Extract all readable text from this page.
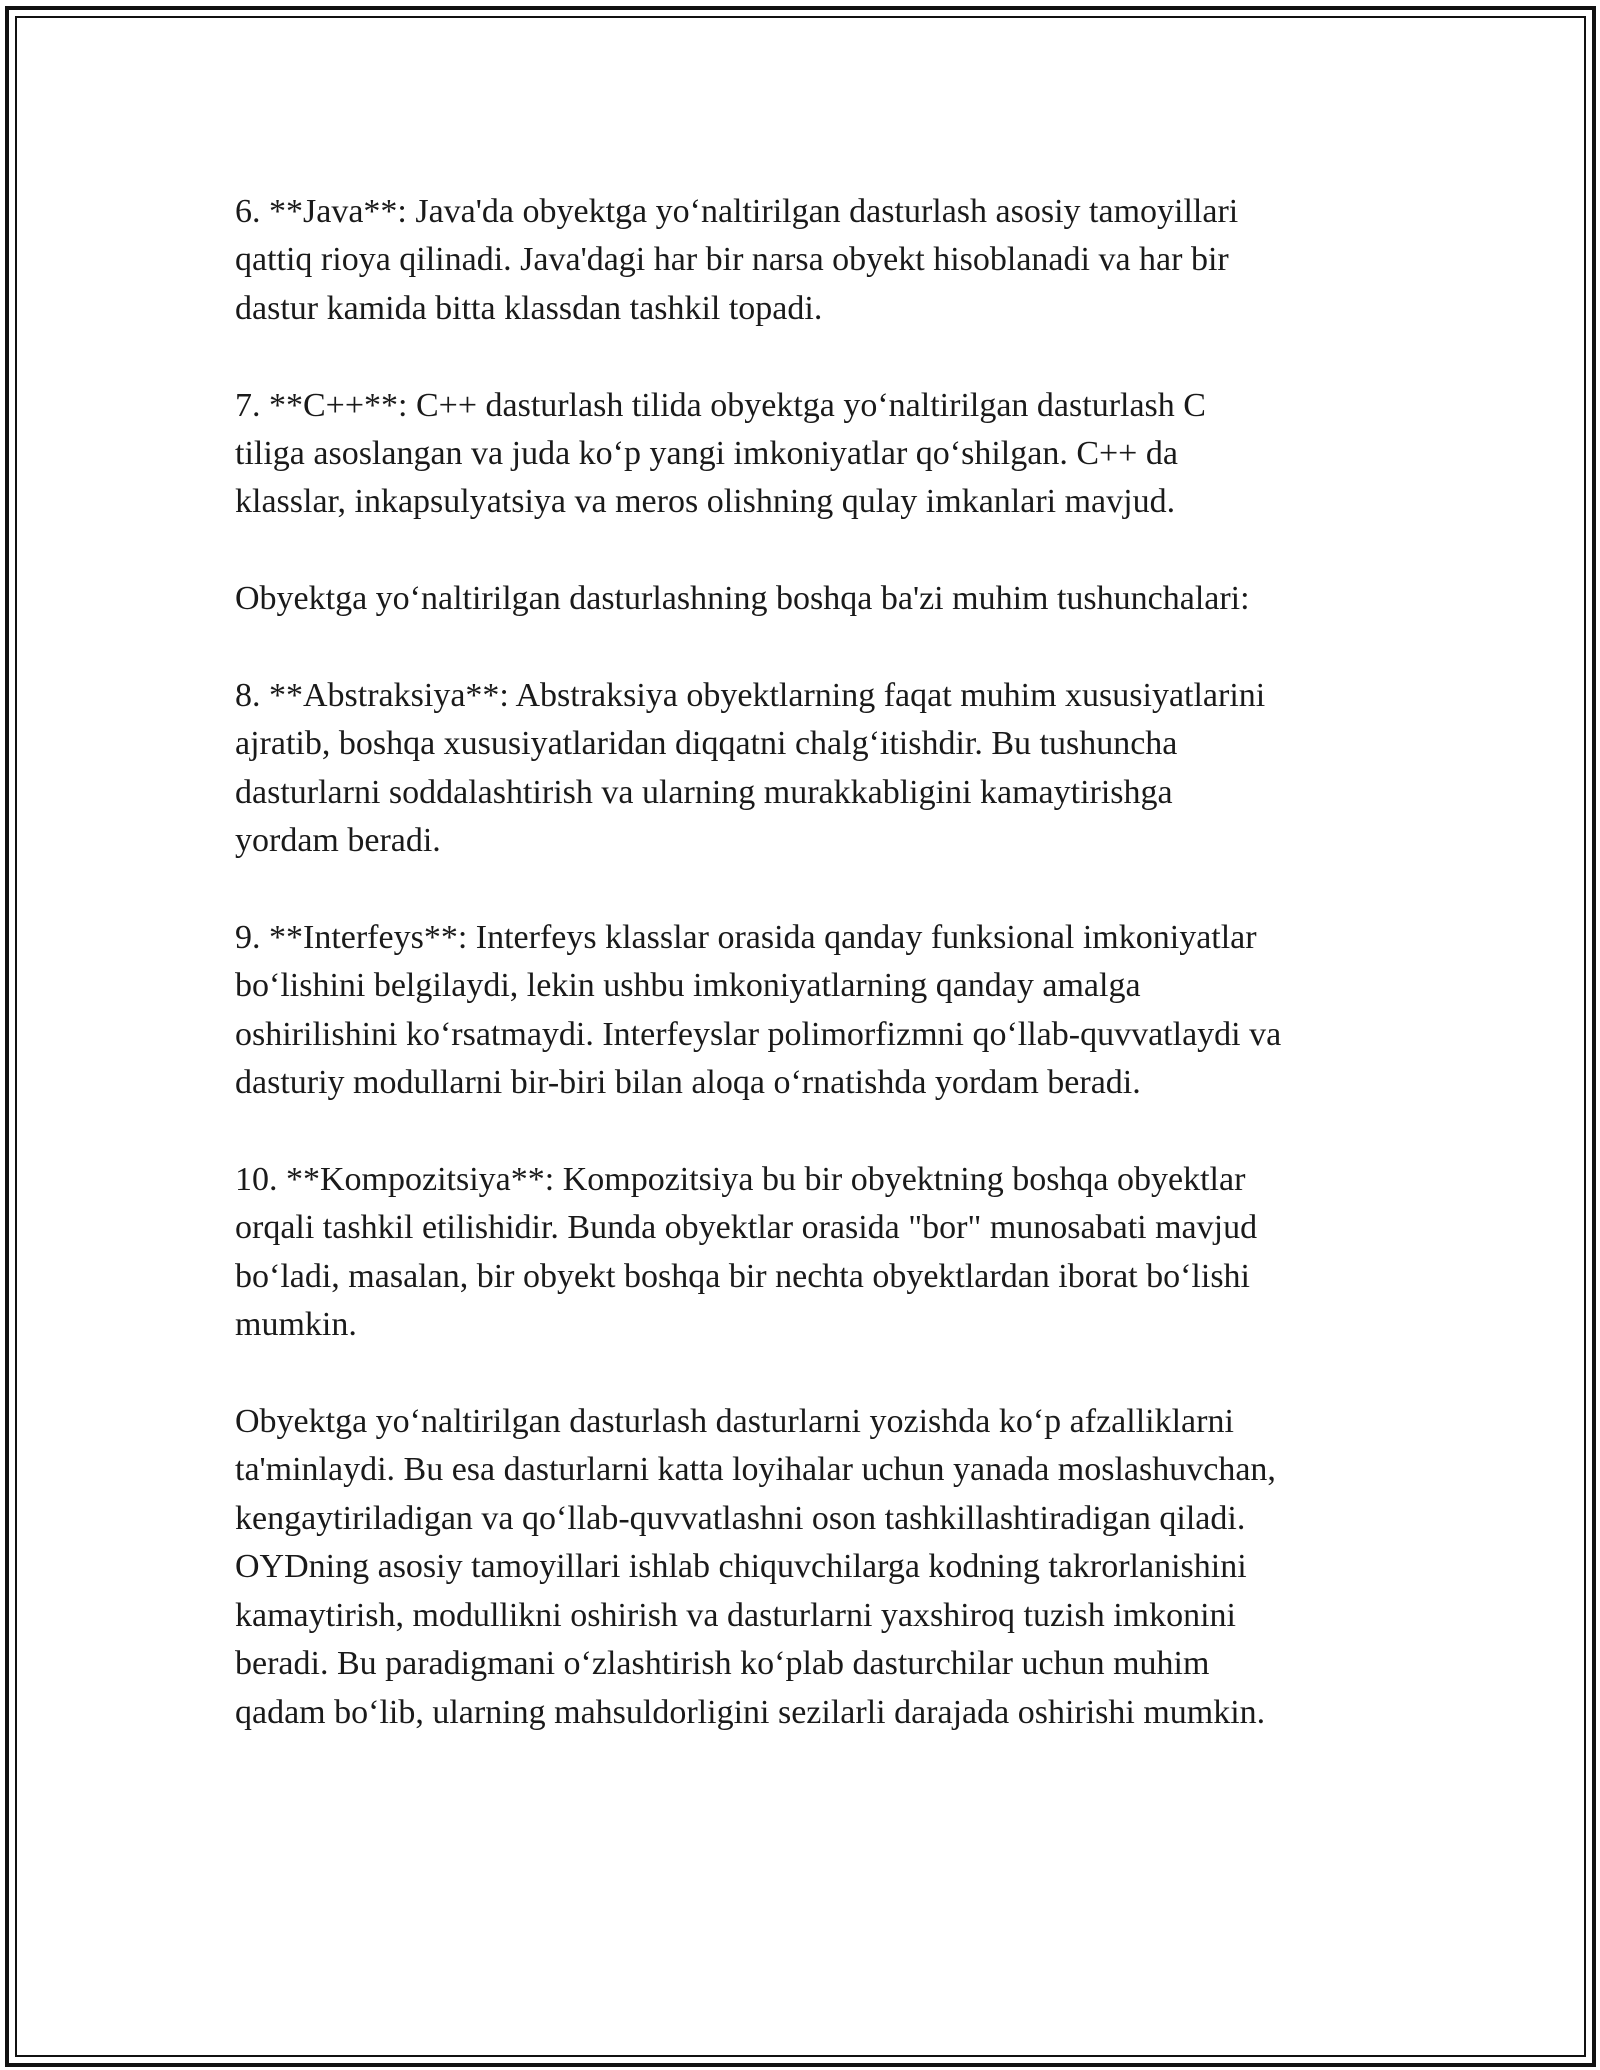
6. **Java**: Java'da obyektga yo‘naltirilgan dasturlash asosiy tamoyillari
qattiq rioya qilinadi. Java'dagi har bir narsa obyekt hisoblanadi va har bir
dastur kamida bitta klassdan tashkil topadi.

7. **C++**: C++ dasturlash tilida obyektga yo‘naltirilgan dasturlash C
tiliga asoslangan va juda ko‘p yangi imkoniyatlar qo‘shilgan. C++ da
klasslar, inkapsulyatsiya va meros olishning qulay imkanlari mavjud.

Obyektga yo‘naltirilgan dasturlashning boshqa ba'zi muhim tushunchalari:

8. **Abstraksiya**: Abstraksiya obyektlarning faqat muhim xususiyatlarini
ajratib, boshqa xususiyatlaridan diqqatni chalg‘itishdir. Bu tushuncha
dasturlarni soddalashtirish va ularning murakkabligini kamaytirishga
yordam beradi.

9. **Interfeys**: Interfeys klasslar orasida qanday funksional imkoniyatlar
bo‘lishini belgilaydi, lekin ushbu imkoniyatlarning qanday amalga
oshirilishini ko‘rsatmaydi. Interfeyslar polimorfizmni qo‘llab-quvvatlaydi va
dasturiy modullarni bir-biri bilan aloqa o‘rnatishda yordam beradi.

10. **Kompozitsiya**: Kompozitsiya bu bir obyektning boshqa obyektlar
orqali tashkil etilishidir. Bunda obyektlar orasida "bor" munosabati mavjud
bo‘ladi, masalan, bir obyekt boshqa bir nechta obyektlardan iborat bo‘lishi
mumkin.

Obyektga yo‘naltirilgan dasturlash dasturlarni yozishda ko‘p afzalliklarni
ta'minlaydi. Bu esa dasturlarni katta loyihalar uchun yanada moslashuvchan,
kengaytiriladigan va qo‘llab-quvvatlashni oson tashkillashtiradigan qiladi.
OYDning asosiy tamoyillari ishlab chiquvchilarga kodning takrorlanishini
kamaytirish, modullikni oshirish va dasturlarni yaxshiroq tuzish imkonini
beradi. Bu paradigmani o‘zlashtirish ko‘plab dasturchilar uchun muhim
qadam bo‘lib, ularning mahsuldorligini sezilarli darajada oshirishi mumkin.
